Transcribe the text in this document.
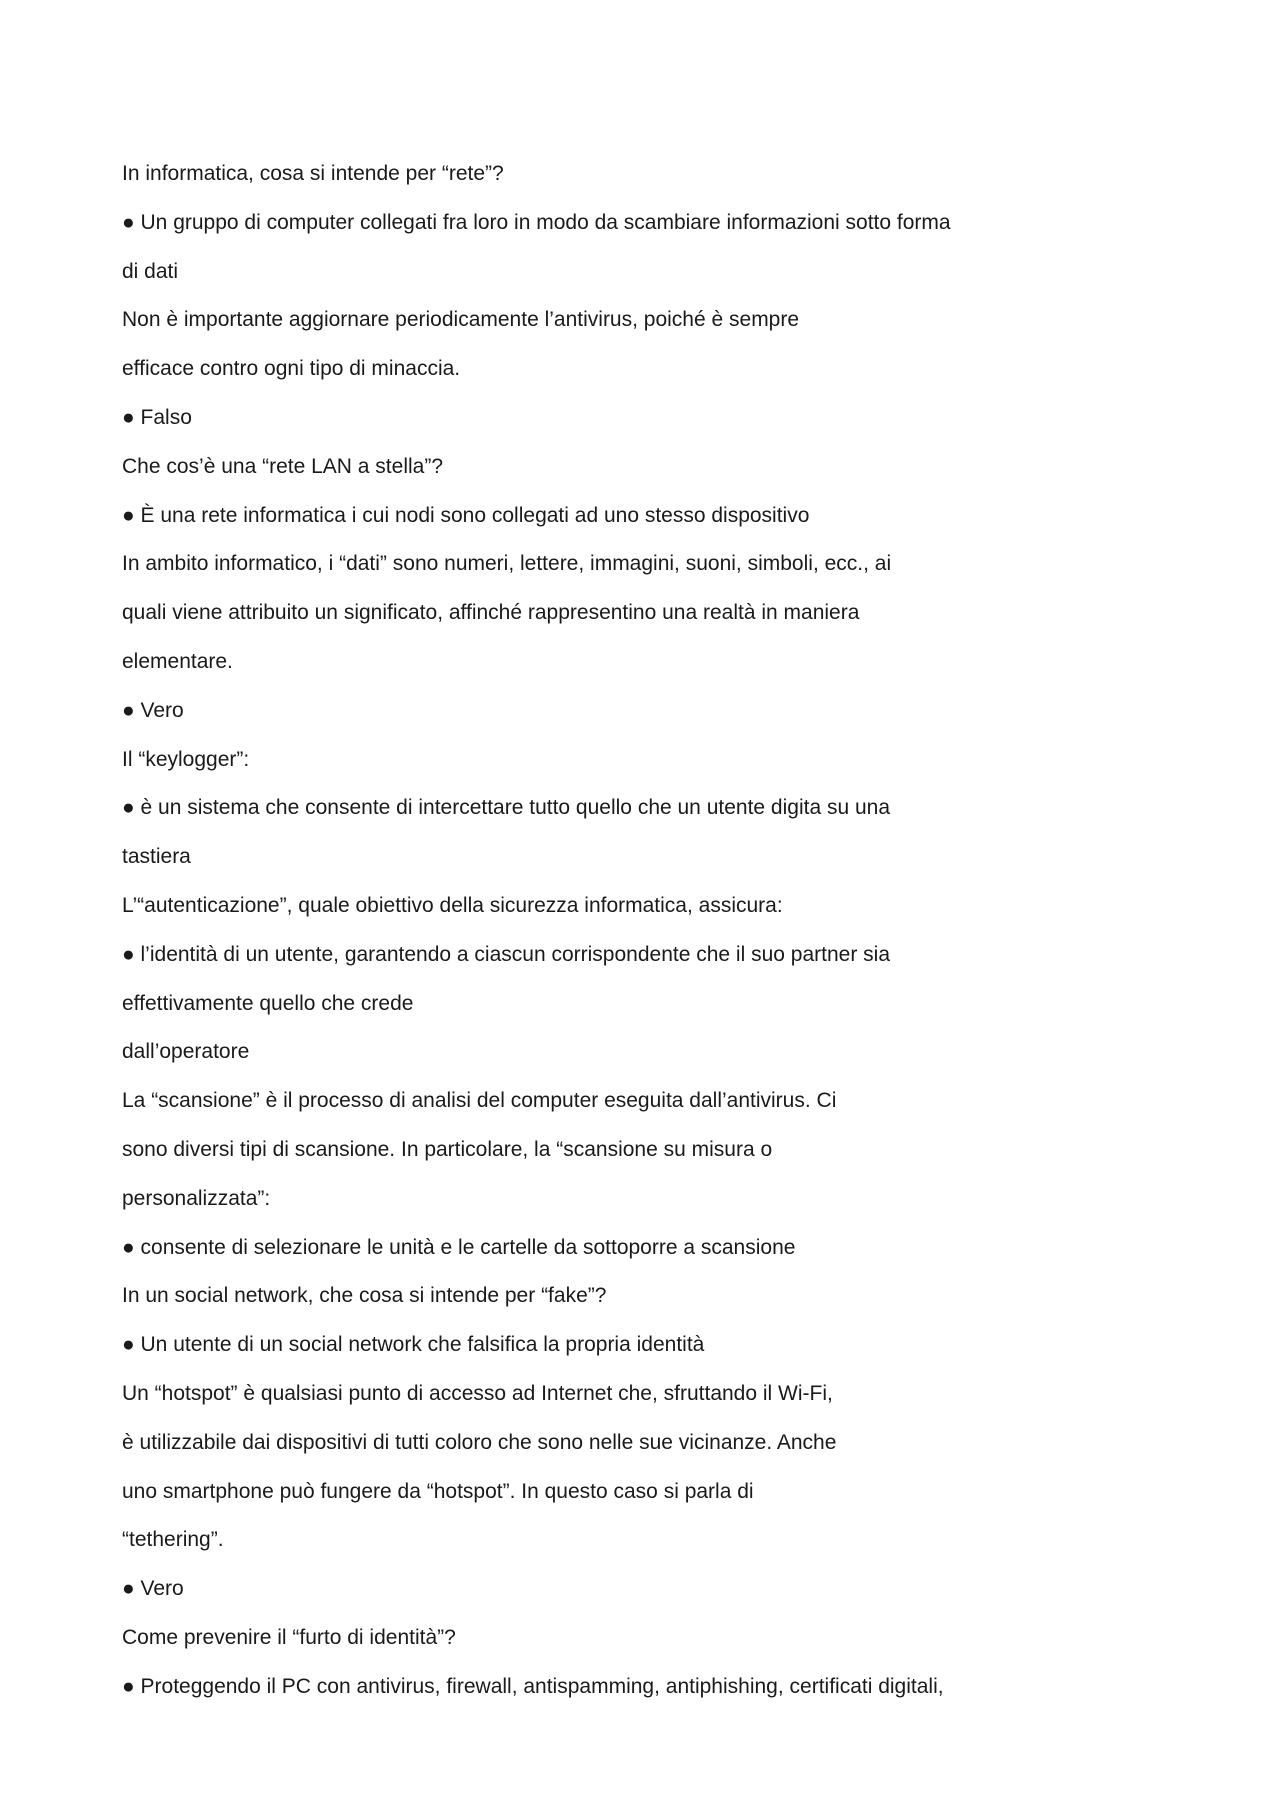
In informatica, cosa si intende per “rete”?
● Un gruppo di computer collegati fra loro in modo da scambiare informazioni sotto forma
di dati
Non è importante aggiornare periodicamente l’antivirus, poiché è sempre
efficace contro ogni tipo di minaccia.
● Falso
Che cos’è una “rete LAN a stella”?
● È una rete informatica i cui nodi sono collegati ad uno stesso dispositivo
In ambito informatico, i “dati” sono numeri, lettere, immagini, suoni, simboli, ecc., ai
quali viene attribuito un significato, affinché rappresentino una realtà in maniera
elementare.
● Vero
Il “keylogger”:
● è un sistema che consente di intercettare tutto quello che un utente digita su una
tastiera
L’“autenticazione”, quale obiettivo della sicurezza informatica, assicura:
● l’identità di un utente, garantendo a ciascun corrispondente che il suo partner sia
effettivamente quello che crede
dall’operatore
La “scansione” è il processo di analisi del computer eseguita dall’antivirus. Ci
sono diversi tipi di scansione. In particolare, la “scansione su misura o
personalizzata”:
● consente di selezionare le unità e le cartelle da sottoporre a scansione
In un social network, che cosa si intende per “fake”?
● Un utente di un social network che falsifica la propria identità
Un “hotspot” è qualsiasi punto di accesso ad Internet che, sfruttando il Wi-Fi,
è utilizzabile dai dispositivi di tutti coloro che sono nelle sue vicinanze. Anche
uno smartphone può fungere da “hotspot”. In questo caso si parla di
“tethering”.
● Vero
Come prevenire il “furto di identità”?
● Proteggendo il PC con antivirus, firewall, antispamming, antiphishing, certificati digitali,
